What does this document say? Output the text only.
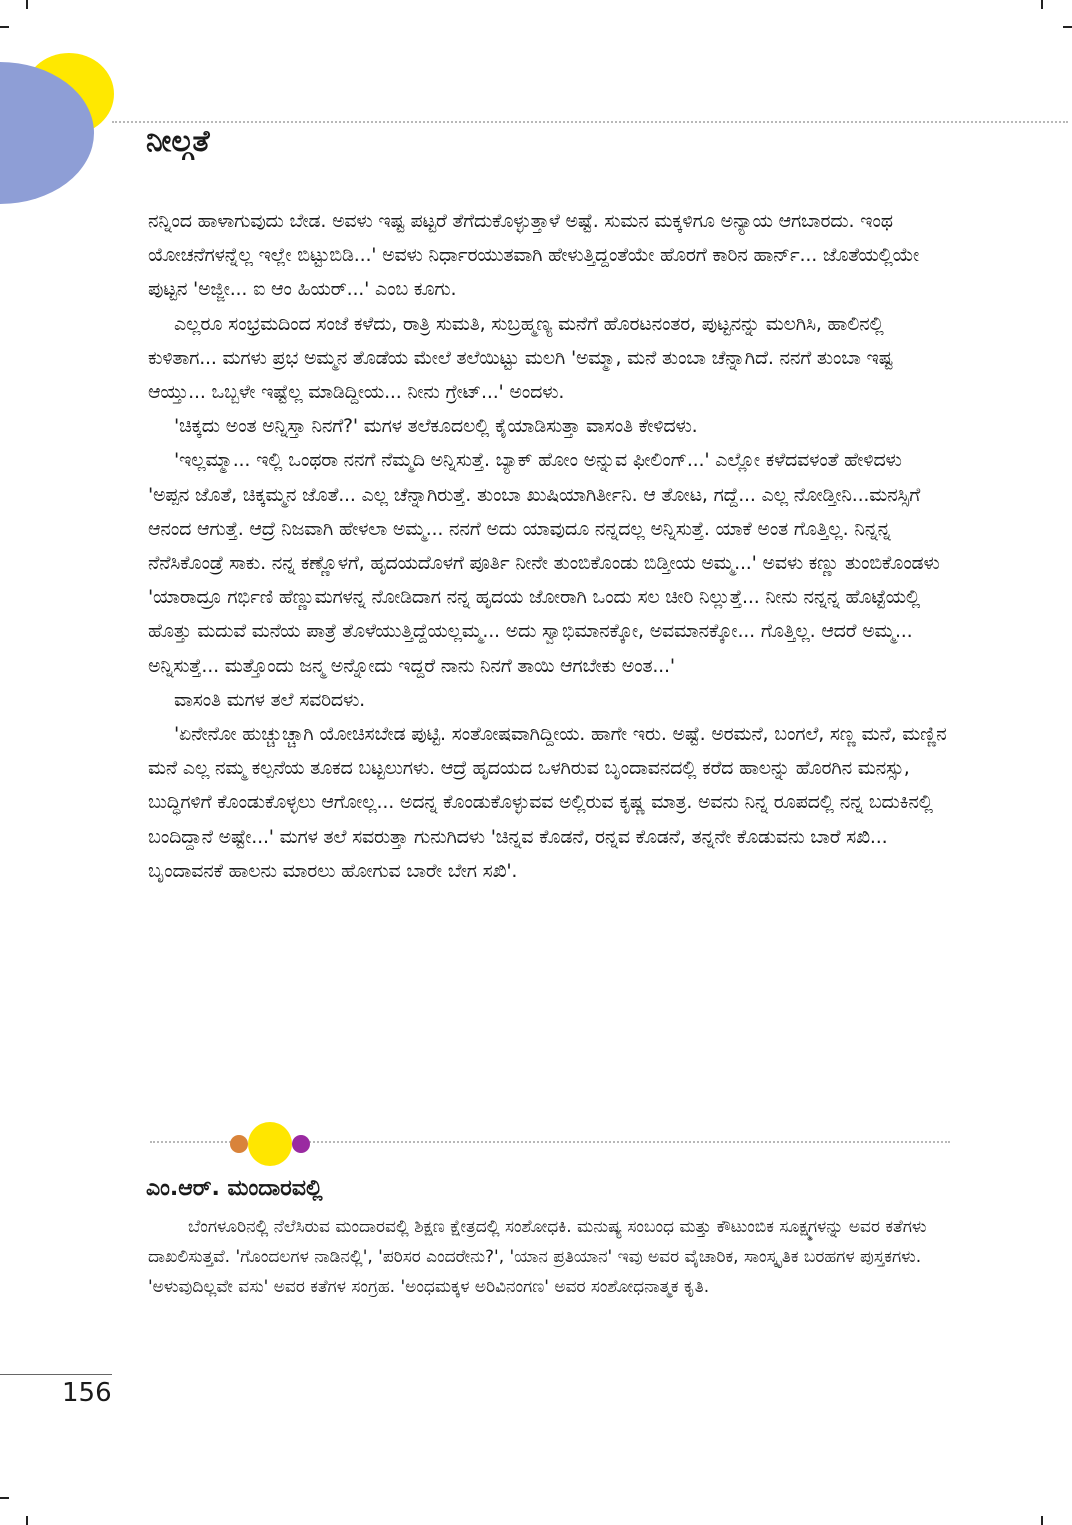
ನೀಲ್ಗತೆ

ನನ್ನಿಂದ ಹಾಳಾಗುವುದು ಬೇಡ. ಅವಳು ಇಷ್ಟ ಪಟ್ಟರೆ ತೆಗೆದುಕೊಳ್ಳುತ್ತಾಳೆ ಅಷ್ಟೆ. ಸುಮನ ಮಕ್ಕಳಿಗೂ ಅನ್ಯಾಯ ಆಗಬಾರದು. ಇಂಥ ಯೋಚನೆಗಳನ್ನೆಲ್ಲ ಇಲ್ಲೇ ಬಿಟ್ಟುಬಿಡಿ...' ಅವಳು ನಿರ್ಧಾರಯುತವಾಗಿ ಹೇಳುತ್ತಿದ್ದಂತೆಯೇ ಹೊರಗೆ ಕಾರಿನ ಹಾರ್ನ್... ಜೊತೆಯಲ್ಲಿಯೇ ಪುಟ್ಟನ 'ಅಜ್ಜೀ... ಐ ಆಂ ಹಿಯರ್...' ಎಂಬ ಕೂಗು.

ಎಲ್ಲರೂ ಸಂಭ್ರಮದಿಂದ ಸಂಜೆ ಕಳೆದು, ರಾತ್ರಿ ಸುಮತಿ, ಸುಬ್ರಹ್ಮಣ್ಯ ಮನೆಗೆ ಹೊರಟನಂತರ, ಪುಟ್ಟನನ್ನು ಮಲಗಿಸಿ, ಹಾಲಿನಲ್ಲಿ ಕುಳಿತಾಗ... ಮಗಳು ಪ್ರಭ ಅಮ್ಮನ ತೊಡೆಯ ಮೇಲೆ ತಲೆಯಿಟ್ಟು ಮಲಗಿ 'ಅಮ್ಮಾ, ಮನೆ ತುಂಬಾ ಚೆನ್ನಾಗಿದೆ. ನನಗೆ ತುಂಬಾ ಇಷ್ಟ ಆಯ್ತು... ಒಬ್ಬಳೇ ಇಷ್ಟೆಲ್ಲ ಮಾಡಿದ್ದೀಯ... ನೀನು ಗ್ರೇಟ್...' ಅಂದಳು.

'ಚಿಕ್ಕದು ಅಂತ ಅನ್ನಿಸ್ತಾ ನಿನಗೆ?' ಮಗಳ ತಲೆಕೂದಲಲ್ಲಿ ಕೈಯಾಡಿಸುತ್ತಾ ವಾಸಂತಿ ಕೇಳಿದಳು.

'ಇಲ್ಲಮ್ಮಾ... ಇಲ್ಲಿ ಒಂಥರಾ ನನಗೆ ನೆಮ್ಮದಿ ಅನ್ನಿಸುತ್ತೆ. ಬ್ಯಾಕ್ ಹೋಂ ಅನ್ನುವ ಫೀಲಿಂಗ್...' ಎಲ್ಲೋ ಕಳೆದವಳಂತೆ ಹೇಳಿದಳು 'ಅಪ್ಪನ ಜೊತೆ, ಚಿಕ್ಕಮ್ಮನ ಜೊತೆ... ಎಲ್ಲ ಚೆನ್ನಾಗಿರುತ್ತೆ. ತುಂಬಾ ಖುಷಿಯಾಗಿರ್ತೀನಿ. ಆ ತೋಟ, ಗದ್ದೆ... ಎಲ್ಲ ನೋಡ್ತೀನಿ...ಮನಸ್ಸಿಗೆ ಆನಂದ ಆಗುತ್ತೆ. ಆದ್ರೆ ನಿಜವಾಗಿ ಹೇಳಲಾ ಅಮ್ಮ... ನನಗೆ ಅದು ಯಾವುದೂ ನನ್ನದಲ್ಲ ಅನ್ನಿಸುತ್ತೆ. ಯಾಕೆ ಅಂತ ಗೊತ್ತಿಲ್ಲ. ನಿನ್ನನ್ನ ನೆನೆಸಿಕೊಂಡ್ರೆ ಸಾಕು. ನನ್ನ ಕಣ್ಣೊಳಗೆ, ಹೃದಯದೊಳಗೆ ಪೂರ್ತಿ ನೀನೇ ತುಂಬಿಕೊಂಡು ಬಿಡ್ತೀಯ ಅಮ್ಮ...' ಅವಳು ಕಣ್ಣು ತುಂಬಿಕೊಂಡಳು 'ಯಾರಾದ್ರೂ ಗರ್ಭಿಣಿ ಹೆಣ್ಣುಮಗಳನ್ನ ನೋಡಿದಾಗ ನನ್ನ ಹೃದಯ ಜೋರಾಗಿ ಒಂದು ಸಲ ಚೀರಿ ನಿಲ್ಲುತ್ತೆ... ನೀನು ನನ್ನನ್ನ ಹೊಟ್ಟೆಯಲ್ಲಿ ಹೊತ್ತು ಮದುವೆ ಮನೆಯ ಪಾತ್ರೆ ತೊಳೆಯುತ್ತಿದ್ದೆಯಲ್ಲಮ್ಮ... ಅದು ಸ್ವಾಭಿಮಾನಕ್ಕೋ, ಅವಮಾನಕ್ಕೋ... ಗೊತ್ತಿಲ್ಲ. ಆದರೆ ಅಮ್ಮ... ಅನ್ನಿಸುತ್ತೆ... ಮತ್ತೊಂದು ಜನ್ಮ ಅನ್ನೋದು ಇದ್ದರೆ ನಾನು ನಿನಗೆ ತಾಯಿ ಆಗಬೇಕು ಅಂತ...'

ವಾಸಂತಿ ಮಗಳ ತಲೆ ಸವರಿದಳು.

'ಏನೇನೋ ಹುಚ್ಚುಚ್ಚಾಗಿ ಯೋಚಿಸಬೇಡ ಪುಟ್ಟಿ. ಸಂತೋಷವಾಗಿದ್ದೀಯ. ಹಾಗೇ ಇರು. ಅಷ್ಟೆ. ಅರಮನೆ, ಬಂಗಲೆ, ಸಣ್ಣ ಮನೆ, ಮಣ್ಣಿನ ಮನೆ ಎಲ್ಲ ನಮ್ಮ ಕಲ್ಪನೆಯ ತೂಕದ ಬಟ್ಟಲುಗಳು. ಆದ್ರೆ ಹೃದಯದ ಒಳಗಿರುವ ಬೃಂದಾವನದಲ್ಲಿ ಕರೆದ ಹಾಲನ್ನು ಹೊರಗಿನ ಮನಸ್ಸು, ಬುದ್ಧಿಗಳಿಗೆ ಕೊಂಡುಕೊಳ್ಳಲು ಆಗೋಲ್ಲ... ಅದನ್ನ ಕೊಂಡುಕೊಳ್ಳುವವ ಅಲ್ಲಿರುವ ಕೃಷ್ಣ ಮಾತ್ರ. ಅವನು ನಿನ್ನ ರೂಪದಲ್ಲಿ ನನ್ನ ಬದುಕಿನಲ್ಲಿ ಬಂದಿದ್ದಾನೆ ಅಷ್ಟೇ...' ಮಗಳ ತಲೆ ಸವರುತ್ತಾ ಗುನುಗಿದಳು 'ಚಿನ್ನವ ಕೊಡನೆ, ರನ್ನವ ಕೊಡನೆ, ತನ್ನನೇ ಕೊಡುವನು ಬಾರೆ ಸಖಿ... ಬೃಂದಾವನಕೆ ಹಾಲನು ಮಾರಲು ಹೋಗುವ ಬಾರೇ ಬೇಗ ಸಖಿ'.

ಎಂ.ಆರ್. ಮಂದಾರವಲ್ಲಿ

ಬೆಂಗಳೂರಿನಲ್ಲಿ ನೆಲೆಸಿರುವ ಮಂದಾರವಲ್ಲಿ ಶಿಕ್ಷಣ ಕ್ಷೇತ್ರದಲ್ಲಿ ಸಂಶೋಧಕಿ. ಮನುಷ್ಯ ಸಂಬಂಧ ಮತ್ತು ಕೌಟುಂಬಿಕ ಸೂಕ್ಷ್ಮಗಳನ್ನು ಅವರ ಕತೆಗಳು ದಾಖಲಿಸುತ್ತವೆ. 'ಗೊಂದಲಗಳ ನಾಡಿನಲ್ಲಿ', 'ಪರಿಸರ ಎಂದರೇನು?', 'ಯಾನ ಪ್ರತಿಯಾನ' ಇವು ಅವರ ವೈಚಾರಿಕ, ಸಾಂಸ್ಕೃತಿಕ ಬರಹಗಳ ಪುಸ್ತಕಗಳು. 'ಅಳುವುದಿಲ್ಲವೇ ವಸು' ಅವರ ಕತೆಗಳ ಸಂಗ್ರಹ. 'ಅಂಧಮಕ್ಕಳ ಅರಿವಿನಂಗಣ' ಅವರ ಸಂಶೋಧನಾತ್ಮಕ ಕೃತಿ.

156
